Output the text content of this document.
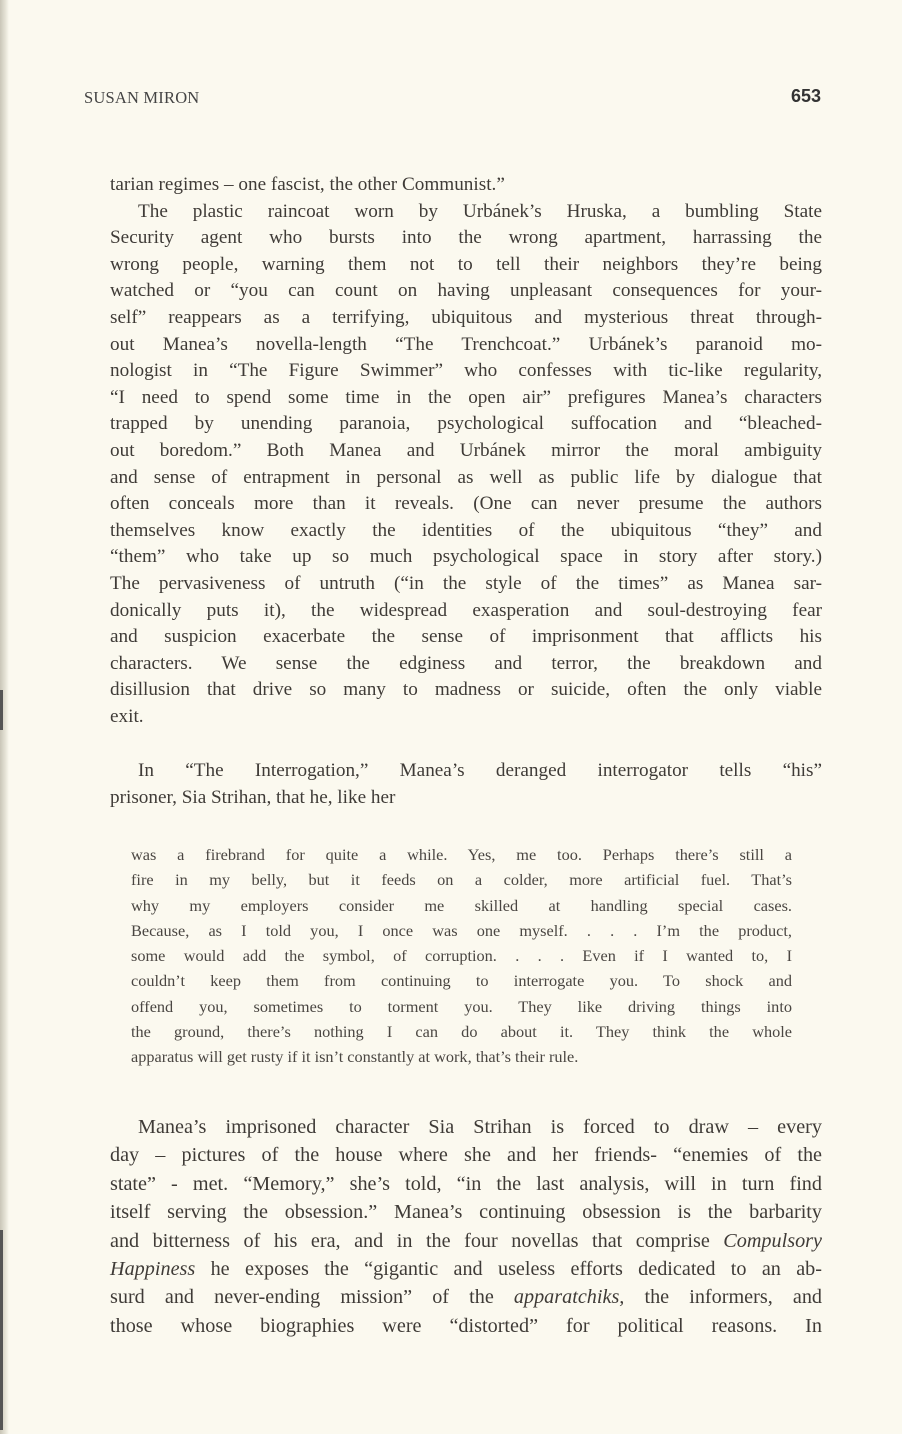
SUSAN MIRON	653
tarian regimes – one fascist, the other Communist.”
The plastic raincoat worn by Urbánek’s Hruska, a bumbling State
Security agent who bursts into the wrong apartment, harrassing the
wrong people, warning them not to tell their neighbors they’re being
watched or “you can count on having unpleasant consequences for your-
self” reappears as a terrifying, ubiquitous and mysterious threat through-
out Manea’s novella-length “The Trenchcoat.” Urbánek’s paranoid mo-
nologist in “The Figure Swimmer” who confesses with tic-like regularity,
“I need to spend some time in the open air” prefigures Manea’s characters
trapped by unending paranoia, psychological suffocation and “bleached-
out boredom.” Both Manea and Urbánek mirror the moral ambiguity
and sense of entrapment in personal as well as public life by dialogue that
often conceals more than it reveals. (One can never presume the authors
themselves know exactly the identities of the ubiquitous “they” and
“them” who take up so much psychological space in story after story.)
The pervasiveness of untruth (“in the style of the times” as Manea sar-
donically puts it), the widespread exasperation and soul-destroying fear
and suspicion exacerbate the sense of imprisonment that afflicts his
characters. We sense the edginess and terror, the breakdown and
disillusion that drive so many to madness or suicide, often the only viable
exit.
In “The Interrogation,” Manea’s deranged interrogator tells “his”
prisoner, Sia Strihan, that he, like her
was a firebrand for quite a while. Yes, me too. Perhaps there’s still a
fire in my belly, but it feeds on a colder, more artificial fuel. That’s
why my employers consider me skilled at handling special cases.
Because, as I told you, I once was one myself. . . . I’m the product,
some would add the symbol, of corruption. . . . Even if I wanted to, I
couldn’t keep them from continuing to interrogate you. To shock and
offend you, sometimes to torment you. They like driving things into
the ground, there’s nothing I can do about it. They think the whole
apparatus will get rusty if it isn’t constantly at work, that’s their rule.
Manea’s imprisoned character Sia Strihan is forced to draw – every
day – pictures of the house where she and her friends- “enemies of the
state” - met. “Memory,” she’s told, “in the last analysis, will in turn find
itself serving the obsession.” Manea’s continuing obsession is the barbarity
and bitterness of his era, and in the four novellas that comprise Compulsory
Happiness he exposes the “gigantic and useless efforts dedicated to an ab-
surd and never-ending mission” of the apparatchiks, the informers, and
those whose biographies were “distorted” for political reasons. In
